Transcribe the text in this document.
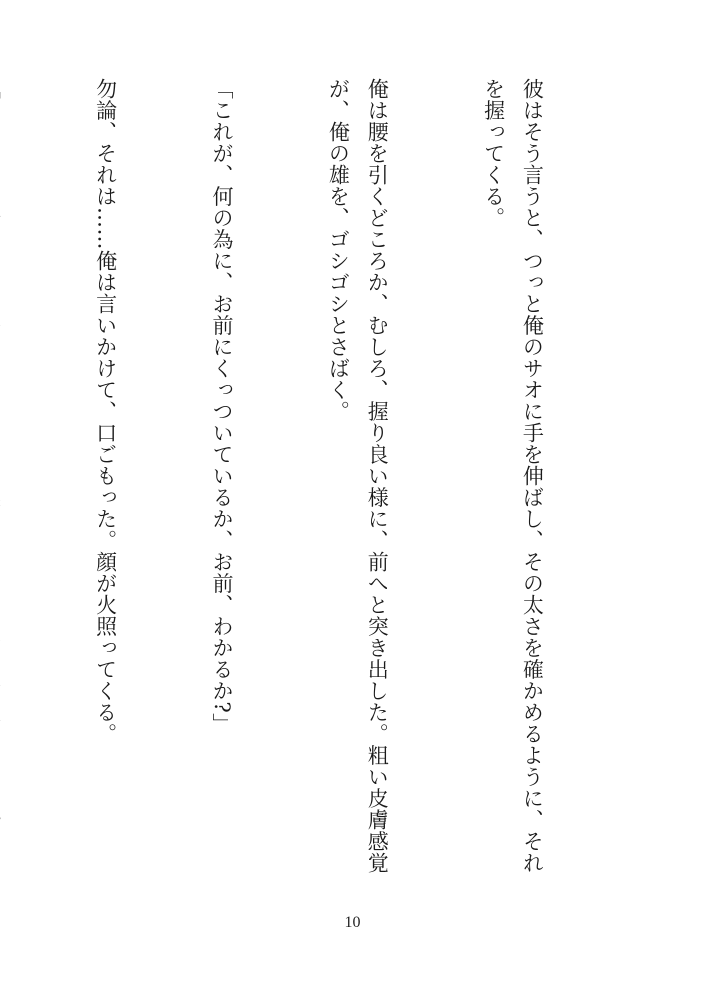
彼はそう言うと、つっと俺のサオに手を伸ばし、その太さを確かめるように、それを握ってくる。

俺は腰を引くどころか、むしろ、握り良い様に、前へと突き出した。粗い皮膚感覚が、俺の雄を、ゴシゴシとさばく。

「これが、何の為に、お前にくっついているか、お前、わかるか?」

勿論、それは……俺は言いかけて、口ごもった。顔が火照ってくる。

10
